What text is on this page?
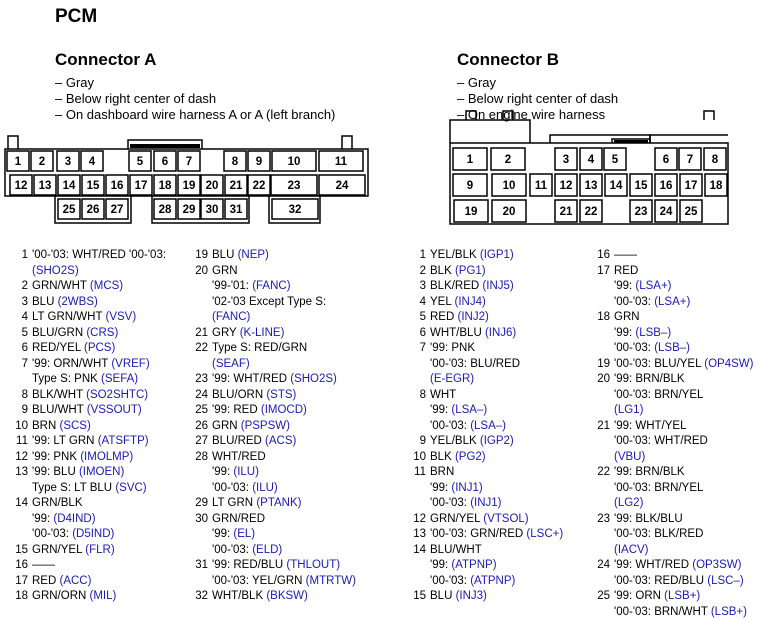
PCM
Connector A
– Gray
– Below right center of dash
– On dashboard wire harness A or A (left branch)
Connector B
– Gray
– Below right center of dash
– On engine wire harness
1 2 3 4	5 6 7	8 9 10	11
12 13 14 15 16 17 18 19 20 21 22 23	24
25 26 27	28 29 30 31	32
1	2	3 4 5	6 7 8
9	10 11 12 13 14 15 16 17 18
19 20	21 22	23 24 25
1 '00-'03: WHT/RED '00-'03:
(SHO2S)
2 GRN/WHT (MCS)
3 BLU (2WBS)
4 LT GRN/WHT (VSV)
5 BLU/GRN (CRS)
6 RED/YEL (PCS)
7 '99: ORN/WHT (VREF)
Type S: PNK (SEFA)
8 BLK/WHT (SO2SHTC)
9 BLU/WHT (VSSOUT)
10 BRN (SCS)
11 '99: LT GRN (ATSFTP)
12 '99: PNK (IMOLMP)
13 '99: BLU (IMOEN)
Type S: LT BLU (SVC)
14 GRN/BLK
'99: (D4IND)
'00-'03: (D5IND)
15 GRN/YEL (FLR)
16 ——
17 RED (ACC)
18 GRN/ORN (MIL)
19 BLU (NEP)
20 GRN
'99-'01: (FANC)
'02-'03 Except Type S:
(FANC)
21 GRY (K-LINE)
22 Type S: RED/GRN
(SEAF)
23 '99: WHT/RED (SHO2S)
24 BLU/ORN (STS)
25 '99: RED (IMOCD)
26 GRN (PSPSW)
27 BLU/RED (ACS)
28 WHT/RED
'99: (ILU)
'00-'03: (ILU)
29 LT GRN (PTANK)
30 GRN/RED
'99: (EL)
'00-'03: (ELD)
31 '99: RED/BLU (THLOUT)
'00-'03: YEL/GRN (MTRTW)
32 WHT/BLK (BKSW)
1 YEL/BLK (IGP1)
2 BLK (PG1)
3 BLK/RED (INJ5)
4 YEL (INJ4)
5 RED (INJ2)
6 WHT/BLU (INJ6)
7 '99: PNK
'00-'03: BLU/RED
(E-EGR)
8 WHT
'99: (LSA–)
'00-'03: (LSA–)
9 YEL/BLK (IGP2)
10 BLK (PG2)
11 BRN
'99: (INJ1)
'00-'03: (INJ1)
12 GRN/YEL (VTSOL)
13 '00-'03: GRN/RED (LSC+)
14 BLU/WHT
'99: (ATPNP)
'00-'03: (ATPNP)
15 BLU (INJ3)
16 ——
17 RED
'99: (LSA+)
'00-'03: (LSA+)
18 GRN
'99: (LSB–)
'00-'03: (LSB–)
19 '00-'03: BLU/YEL (OP4SW)
20 '99: BRN/BLK
'00-'03: BRN/YEL
(LG1)
21 '99: WHT/YEL
'00-'03: WHT/RED
(VBU)
22 '99: BRN/BLK
'00-'03: BRN/YEL
(LG2)
23 '99: BLK/BLU
'00-'03: BLK/RED
(IACV)
24 '99: WHT/RED (OP3SW)
'00-'03: RED/BLU (LSC–)
25 '99: ORN (LSB+)
'00-'03: BRN/WHT (LSB+)
